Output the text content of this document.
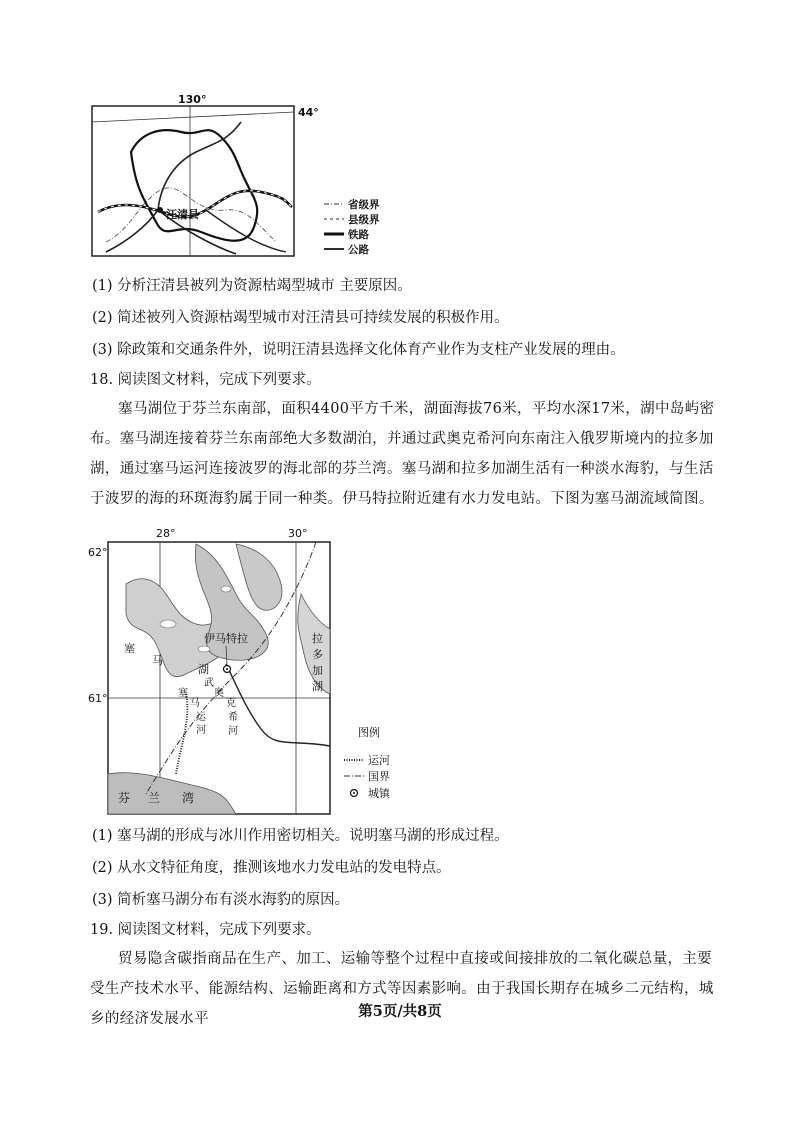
130°
44°
汪清县
省级界
县级界
铁路
公路
(1) 分析汪清县被列为资源枯竭型城市 主要原因。
(2) 简述被列入资源枯竭型城市对汪清县可持续发展的积极作用。
(3) 除政策和交通条件外，说明汪清县选择文化体育产业作为支柱产业发展的理由。
18. 阅读图文材料，完成下列要求。
塞马湖位于芬兰东南部，面积4400平方千米，湖面海拔76米，平均水深17米，湖中岛屿密布。塞马湖连接着芬兰东南部绝大多数湖泊，并通过武奥克希河向东南注入俄罗斯境内的拉多加湖，通过塞马运河连接波罗的海北部的芬兰湾。塞马湖和拉多加湖生活有一种淡水海豹，与生活于波罗的海的环斑海豹属于同一种类。伊马特拉附近建有水力发电站。下图为塞马湖流域简图。
28°	30°
62°
61°
伊马特拉
塞
马
湖
武
奥
克
希
河
塞
马
运
河
拉
多
加
湖
芬 兰 湾
图例
运河
国界
城镇
(1) 塞马湖的形成与冰川作用密切相关。说明塞马湖的形成过程。
(2) 从水文特征角度，推测该地水力发电站的发电特点。
(3) 简析塞马湖分布有淡水海豹的原因。
19. 阅读图文材料，完成下列要求。
贸易隐含碳指商品在生产、加工、运输等整个过程中直接或间接排放的二氧化碳总量，主要受生产技术水平、能源结构、运输距离和方式等因素影响。由于我国长期存在城乡二元结构，城乡的经济发展水平	第5页/共8页
